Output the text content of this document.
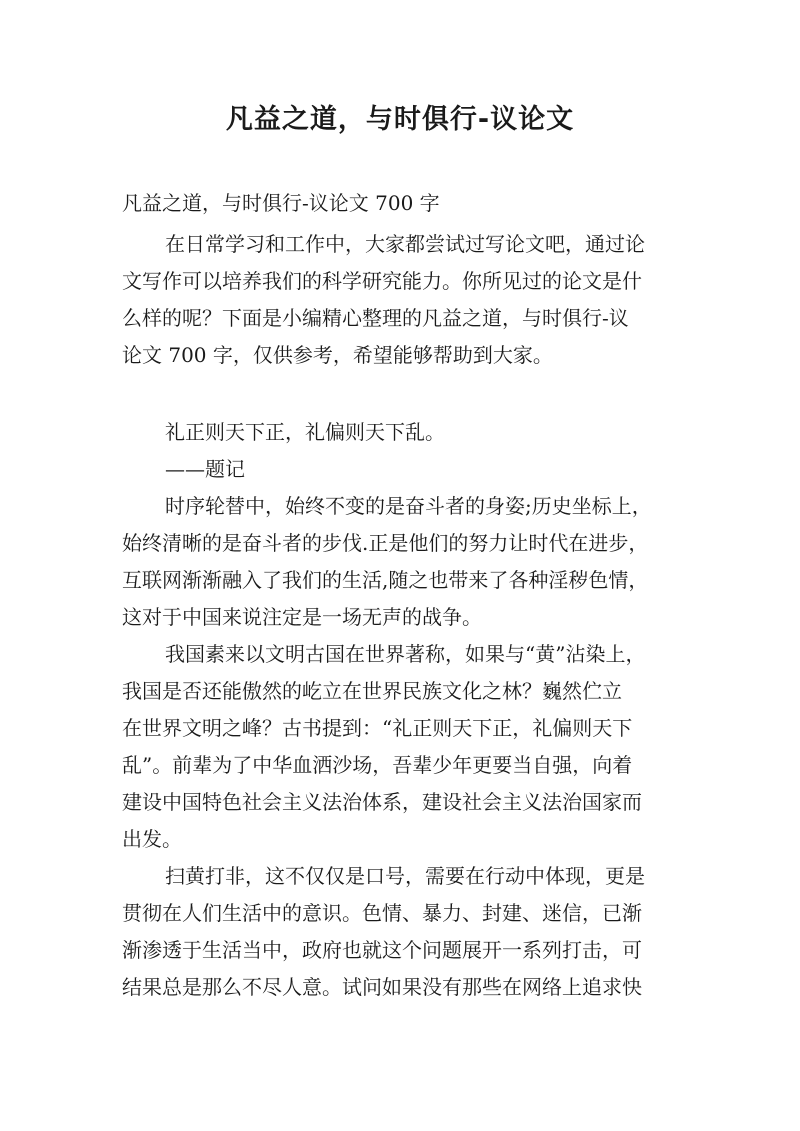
凡益之道，与时俱行-议论文

凡益之道，与时俱行-议论文 700 字

在日常学习和工作中，大家都尝试过写论文吧，通过论

文写作可以培养我们的科学研究能力。你所见过的论文是什

么样的呢？下面是小编精心整理的凡益之道，与时俱行-议

论文 700 字，仅供参考，希望能够帮助到大家。

礼正则天下正，礼偏则天下乱。

——题记

时序轮替中，始终不变的是奋斗者的身姿;历史坐标上，

始终清晰的是奋斗者的步伐.正是他们的努力让时代在进步，

互联网渐渐融入了我们的生活,随之也带来了各种淫秽色情，

这对于中国来说注定是一场无声的战争。

我国素来以文明古国在世界著称，如果与“黄”沾染上，

我国是否还能傲然的屹立在世界民族文化之林？巍然伫立

在世界文明之峰？古书提到：“礼正则天下正，礼偏则天下

乱”。前辈为了中华血洒沙场，吾辈少年更要当自强，向着

建设中国特色社会主义法治体系，建设社会主义法治国家而

出发。

扫黄打非，这不仅仅是口号，需要在行动中体现，更是

贯彻在人们生活中的意识。色情、暴力、封建、迷信，已渐

渐渗透于生活当中，政府也就这个问题展开一系列打击，可

结果总是那么不尽人意。试问如果没有那些在网络上追求快
